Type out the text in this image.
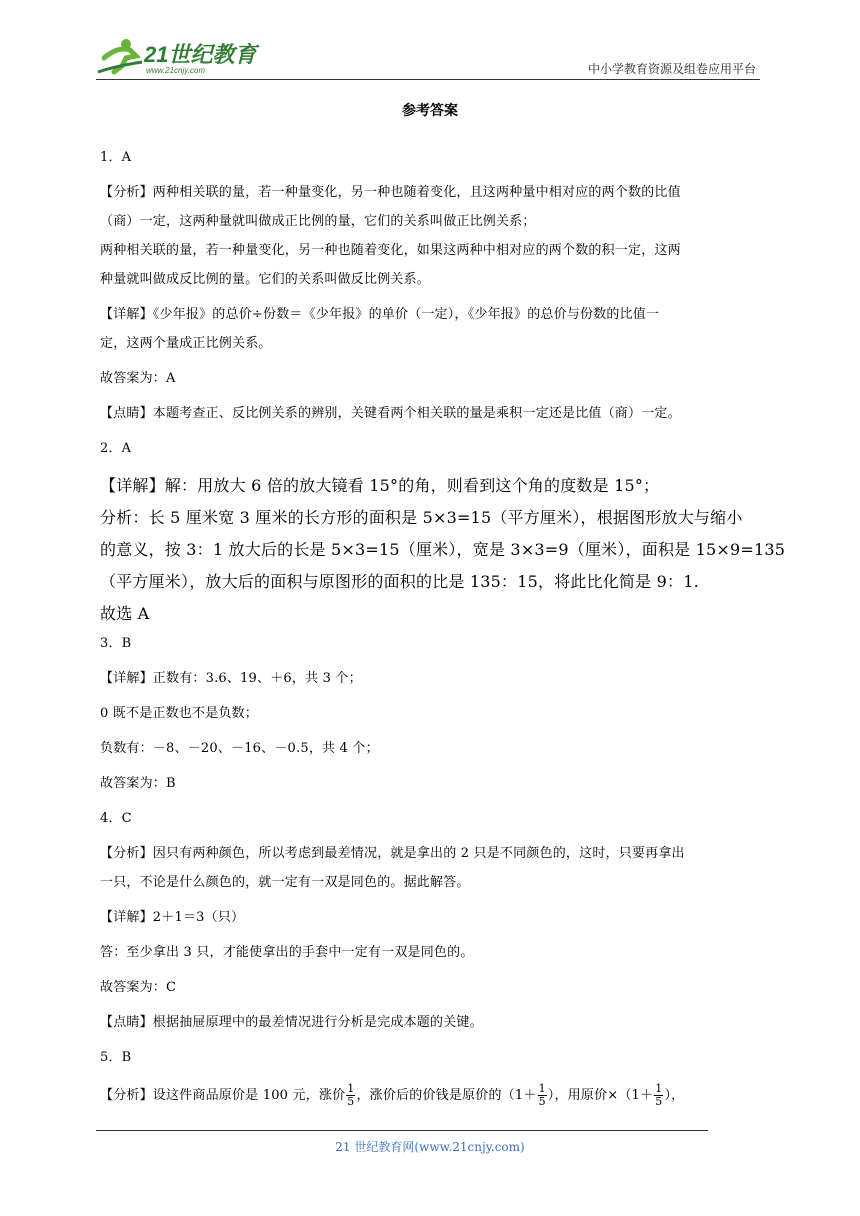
21世纪教育
www.21cnjy.com	中小学教育资源及组卷应用平台
参考答案
1．A
【分析】两种相关联的量，若一种量变化，另一种也随着变化，且这两种量中相对应的两个数的比值
（商）一定，这两种量就叫做成正比例的量，它们的关系叫做正比例关系；
两种相关联的量，若一种量变化，另一种也随着变化，如果这两种中相对应的两个数的积一定，这两
种量就叫做成反比例的量。它们的关系叫做反比例关系。
【详解】《少年报》的总价÷份数＝《少年报》的单价（一定），《少年报》的总价与份数的比值一
定，这两个量成正比例关系。
故答案为：A
【点睛】本题考查正、反比例关系的辨别，关键看两个相关联的量是乘积一定还是比值（商）一定。
2．A
【详解】解：用放大 6 倍的放大镜看 15°的角，则看到这个角的度数是 15°；
分析：长 5 厘米宽 3 厘米的长方形的面积是 5×3=15（平方厘米），根据图形放大与缩小
的意义，按 3：1 放大后的长是 5×3=15（厘米），宽是 3×3=9（厘米），面积是 15×9=135
（平方厘米），放大后的面积与原图形的面积的比是 135：15，将此比化简是 9：1.
故选 A
3．B
【详解】正数有：3.6、19、＋6，共 3 个；
0 既不是正数也不是负数；
负数有：－8、－20、－16、－0.5，共 4 个；
故答案为：B
4．C
【分析】因只有两种颜色，所以考虑到最差情况，就是拿出的 2 只是不同颜色的，这时，只要再拿出
一只，不论是什么颜色的，就一定有一双是同色的。据此解答。
【详解】2＋1＝3（只）
答：至少拿出 3 只，才能使拿出的手套中一定有一双是同色的。
故答案为：C
【点睛】根据抽屉原理中的最差情况进行分析是完成本题的关键。
5．B
【分析】设这件商品原价是 100 元，涨价 $\frac{1}{5}$ ，涨价后的价钱是原价的（$1+ \frac{1}{5}$ ），用原价$\times(1+ \frac{1}{5}$ ），
21 世纪教育网(www.21cnjy.com)
